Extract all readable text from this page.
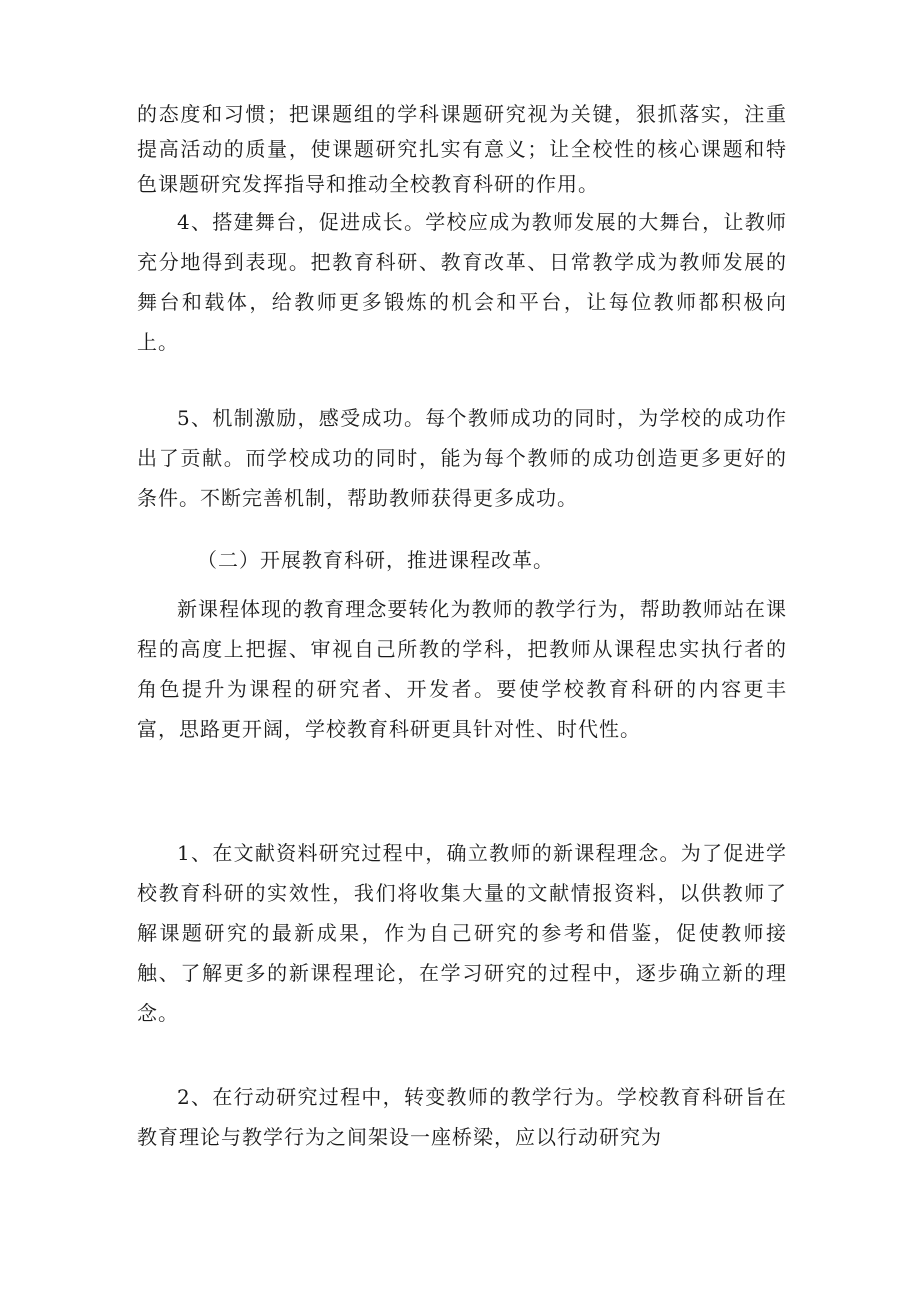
的态度和习惯；把课题组的学科课题研究视为关键，狠抓落实，注重提高活动的质量，使课题研究扎实有意义；让全校性的核心课题和特色课题研究发挥指导和推动全校教育科研的作用。

4、搭建舞台，促进成长。学校应成为教师发展的大舞台，让教师充分地得到表现。把教育科研、教育改革、日常教学成为教师发展的舞台和载体，给教师更多锻炼的机会和平台，让每位教师都积极向上。

5、机制激励，感受成功。每个教师成功的同时，为学校的成功作出了贡献。而学校成功的同时，能为每个教师的成功创造更多更好的条件。不断完善机制，帮助教师获得更多成功。

（二）开展教育科研，推进课程改革。

新课程体现的教育理念要转化为教师的教学行为，帮助教师站在课程的高度上把握、审视自己所教的学科，把教师从课程忠实执行者的角色提升为课程的研究者、开发者。要使学校教育科研的内容更丰富，思路更开阔，学校教育科研更具针对性、时代性。

1、在文献资料研究过程中，确立教师的新课程理念。为了促进学校教育科研的实效性，我们将收集大量的文献情报资料，以供教师了解课题研究的最新成果，作为自己研究的参考和借鉴，促使教师接触、了解更多的新课程理论，在学习研究的过程中，逐步确立新的理念。

2、在行动研究过程中，转变教师的教学行为。学校教育科研旨在教育理论与教学行为之间架设一座桥梁，应以行动研究为
